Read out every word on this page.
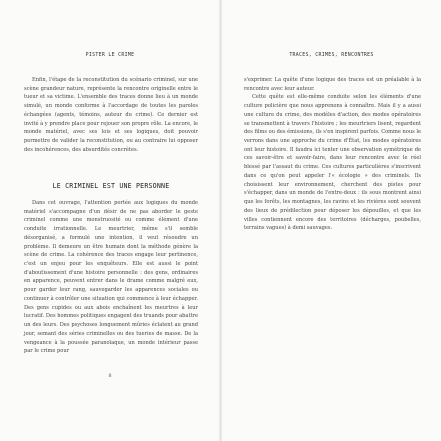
PISTER LE CRIME

Enfin, l'étape de la reconstitution du scénario criminel, sur une scène grandeur nature, représente la rencontre originelle entre le tueur et sa victime. L'ensemble des traces donne lieu à un monde simulé, un monde conforme à l'accordage de toutes les paroles échangées (agents, témoins, auteur du crime). Ce dernier est invité à y prendre place pour rejouer son propre rôle. La encore, le monde matériel, avec ses lois et ses logiques, doit pouvoir permettre de valider la reconstitution, ou au contraire lui opposer des incohérences, des absurdités concrètes.

LE CRIMINEL EST UNE PERSONNE

Dans cet ouvrage, l'attention portée aux logiques du monde matériel s'accompagne d'un désir de ne pas aborder le geste criminel comme une monstruosité ou comme élément d'une conduite irrationnelle. Le meurtrier, même s'il semble désorganisé, a formulé une intention, il veut résoudre un problème. Il demeure un être humain dont la méthode génère la scène de crime. La cohérence des traces engage leur pertinence, c'est un enjeu pour les enquêteurs. Elle est aussi le point d'aboutissement d'une histoire personnelle : des gens, ordinaires en apparence, peuvent entrer dans le drame comme malgré eux, pour garder leur rang, sauvegarder les apparences sociales ou continuer à contrôler une situation qui commence à leur échapper. Des gens cupides ou aux abois enchaînent les meurtres à leur lucratif. Des hommes politiques engagent des truands pour abattre un des leurs. Des psychoses longuement mûries éclatent au grand jour, semant des séries criminelles ou des tueries de masse. De la vengeance à la poussée paranoïaque, un monde intérieur passe par le crime pour

8
TRACES, CRIMES, RENCONTRES

s'exprimer. La quête d'une logique des traces est un préalable à la rencontre avec leur auteur.

Cette quête est elle-même conduite selon les éléments d'une culture policière que nous apprenons à connaître. Mais il y a aussi une culture du crime, des modèles d'action, des modes opératoires se transmettent à travers l'histoire ; les meurtriers lisent, regardent des films ou des émissions, ils s'en inspirent parfois. Comme nous le verrons dans une approche du crime d'État, les modes opératoires ont leur histoire. Il faudra ici tenter une observation symétrique de ces savoir-être et savoir-faire, dans leur rencontre avec le réel blessé par l'assaut du crime. Ces cultures particulières s'inscrivent dans ce qu'on peut appeler l'« écologie » des criminels. Ils choisissent leur environnement, cherchent des pistes pour s'échapper, dans un monde de l'entre-deux : ils sous montrent ainsi que les forêts, les montagnes, les ravins et les rivières sont souvent des lieux de prédilection pour déposer les dépouilles, et que les villes contiennent encore des territoires (décharges, poubelles, terrains vagues) à demi sauvages.
